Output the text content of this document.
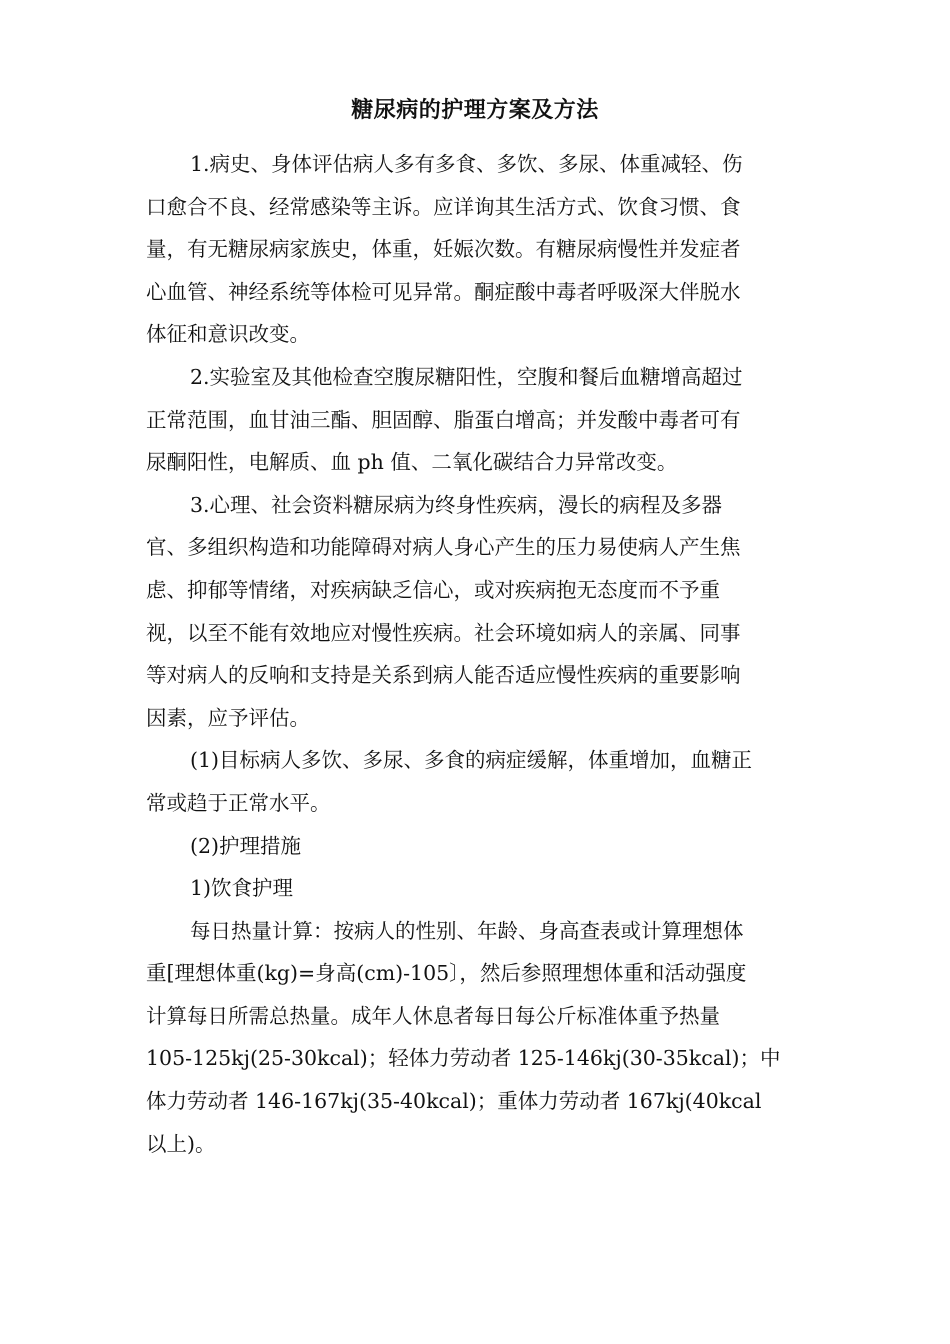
糖尿病的护理方案及方法
1.病史、身体评估病人多有多食、多饮、多尿、体重减轻、伤
口愈合不良、经常感染等主诉。应详询其生活方式、饮食习惯、食
量，有无糖尿病家族史，体重，妊娠次数。有糖尿病慢性并发症者
心血管、神经系统等体检可见异常。酮症酸中毒者呼吸深大伴脱水
体征和意识改变。
2.实验室及其他检查空腹尿糖阳性，空腹和餐后血糖增高超过
正常范围，血甘油三酯、胆固醇、脂蛋白增高；并发酸中毒者可有
尿酮阳性，电解质、血 ph 值、二氧化碳结合力异常改变。
3.心理、社会资料糖尿病为终身性疾病，漫长的病程及多器
官、多组织构造和功能障碍对病人身心产生的压力易使病人产生焦
虑、抑郁等情绪，对疾病缺乏信心，或对疾病抱无态度而不予重
视，以至不能有效地应对慢性疾病。社会环境如病人的亲属、同事
等对病人的反响和支持是关系到病人能否适应慢性疾病的重要影响
因素，应予评估。
(1)目标病人多饮、多尿、多食的病症缓解，体重增加，血糖正
常或趋于正常水平。
(2)护理措施
1)饮食护理
每日热量计算：按病人的性别、年龄、身高查表或计算理想体
重[理想体重(kg)=身高(cm)-105〕，然后参照理想体重和活动强度
计算每日所需总热量。成年人休息者每日每公斤标准体重予热量
105-125kj(25-30kcal)；轻体力劳动者 125-146kj(30-35kcal)；中
体力劳动者 146-167kj(35-40kcal)；重体力劳动者 167kj(40kcal
以上)。
